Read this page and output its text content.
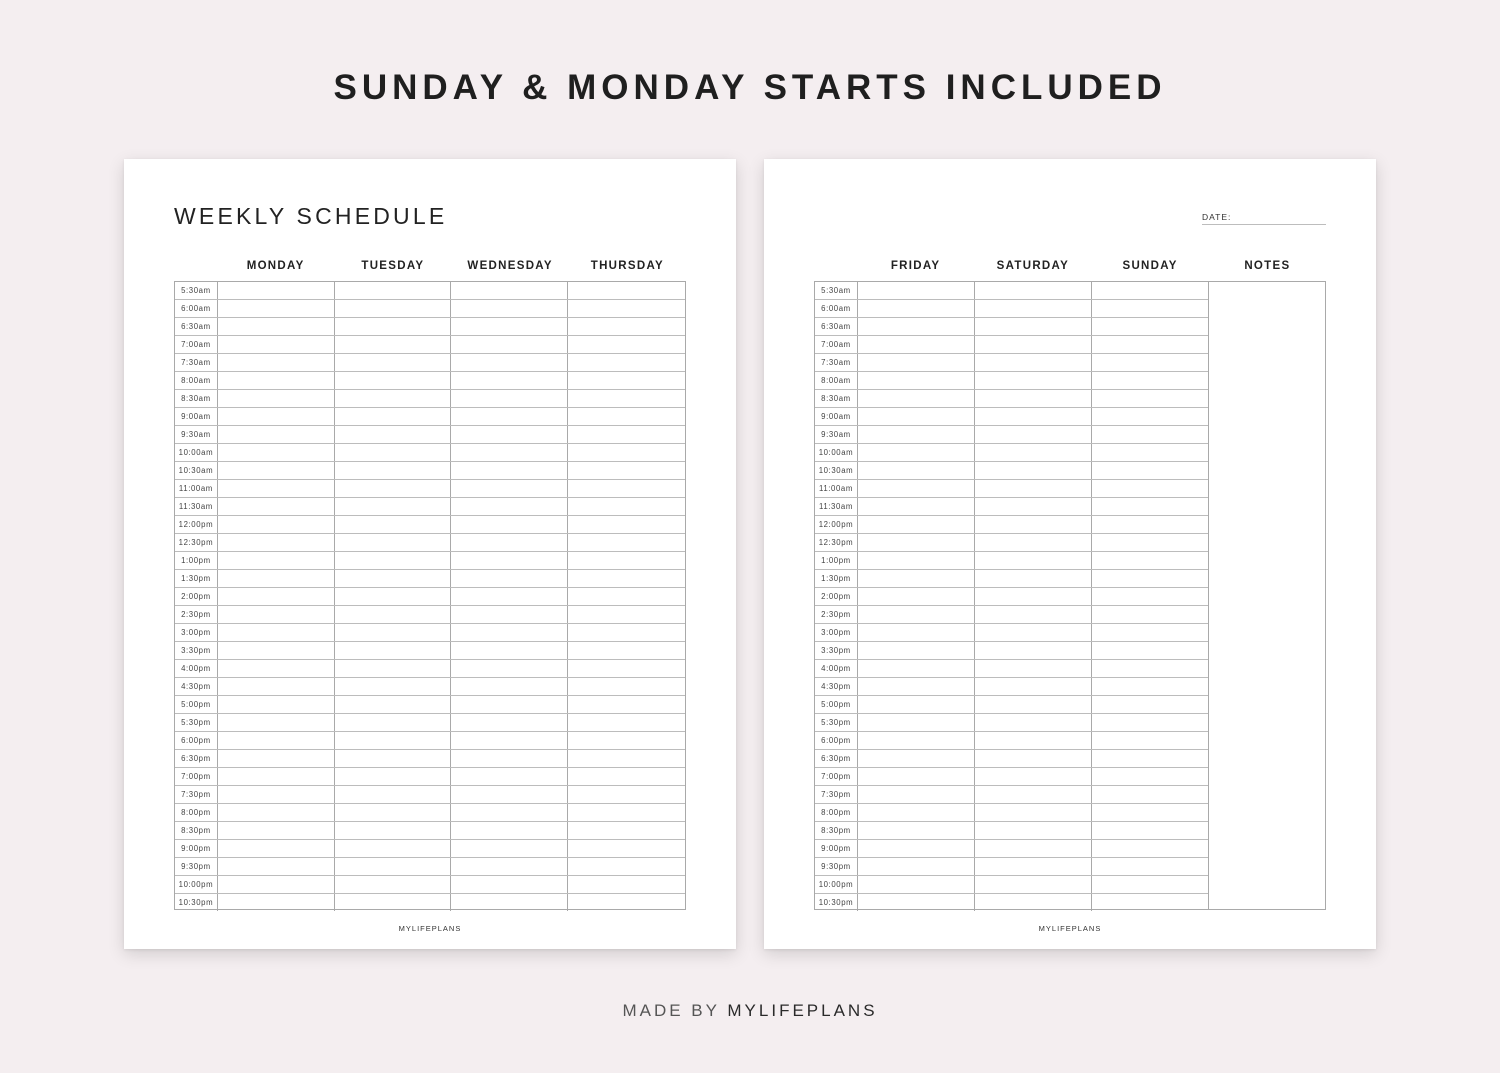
SUNDAY & MONDAY STARTS INCLUDED
WEEKLY SCHEDULE
MONDAY	TUESDAY	WEDNESDAY	THURSDAY
5:30am
6:00am
6:30am
7:00am
7:30am
8:00am
8:30am
9:00am
9:30am
10:00am
10:30am
11:00am
11:30am
12:00pm
12:30pm
1:00pm
1:30pm
2:00pm
2:30pm
3:00pm
3:30pm
4:00pm
4:30pm
5:00pm
5:30pm
6:00pm
6:30pm
7:00pm
7:30pm
8:00pm
8:30pm
9:00pm
9:30pm
10:00pm
10:30pm
MYLIFEPLANS
DATE:
FRIDAY	SATURDAY	SUNDAY	NOTES
5:30am
6:00am
6:30am
7:00am
7:30am
8:00am
8:30am
9:00am
9:30am
10:00am
10:30am
11:00am
11:30am
12:00pm
12:30pm
1:00pm
1:30pm
2:00pm
2:30pm
3:00pm
3:30pm
4:00pm
4:30pm
5:00pm
5:30pm
6:00pm
6:30pm
7:00pm
7:30pm
8:00pm
8:30pm
9:00pm
9:30pm
10:00pm
10:30pm
MYLIFEPLANS
MADE BY MYLIFEPLANS
